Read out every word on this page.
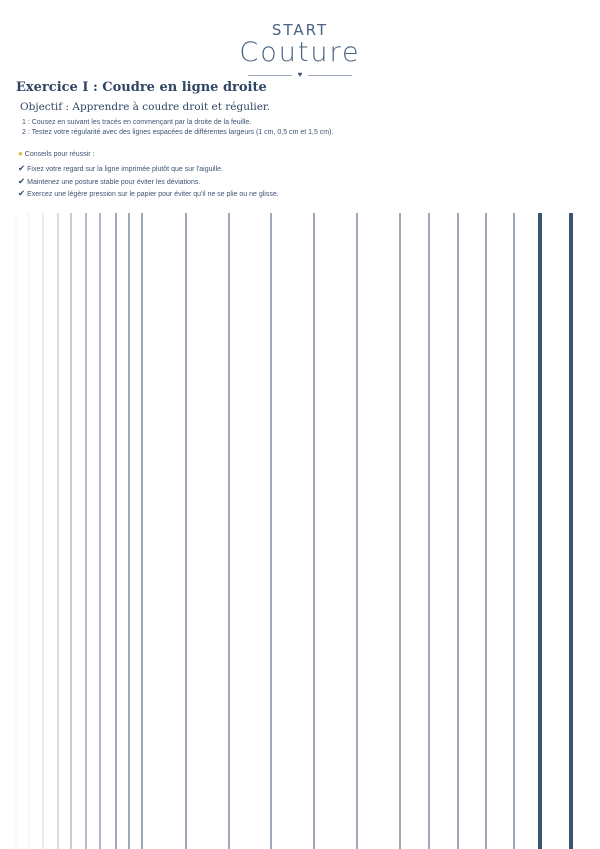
START
Couture
♥
Exercice I : Coudre en ligne droite

Objectif : Apprendre à coudre droit et régulier.

1 : Cousez en suivant les tracés en commençant par la droite de la feuille.
2 : Testez votre régularité avec des lignes espacées de différentes largeurs (1 cm, 0,5 cm et 1,5 cm).
● Conseils pour réussir :
✔ Fixez votre regard sur la ligne imprimée plutôt que sur l'aiguille.
✔ Maintenez une posture stable pour éviter les déviations.
✔ Exercez une légère pression sur le papier pour éviter qu'il ne se plie ou ne glisse.
